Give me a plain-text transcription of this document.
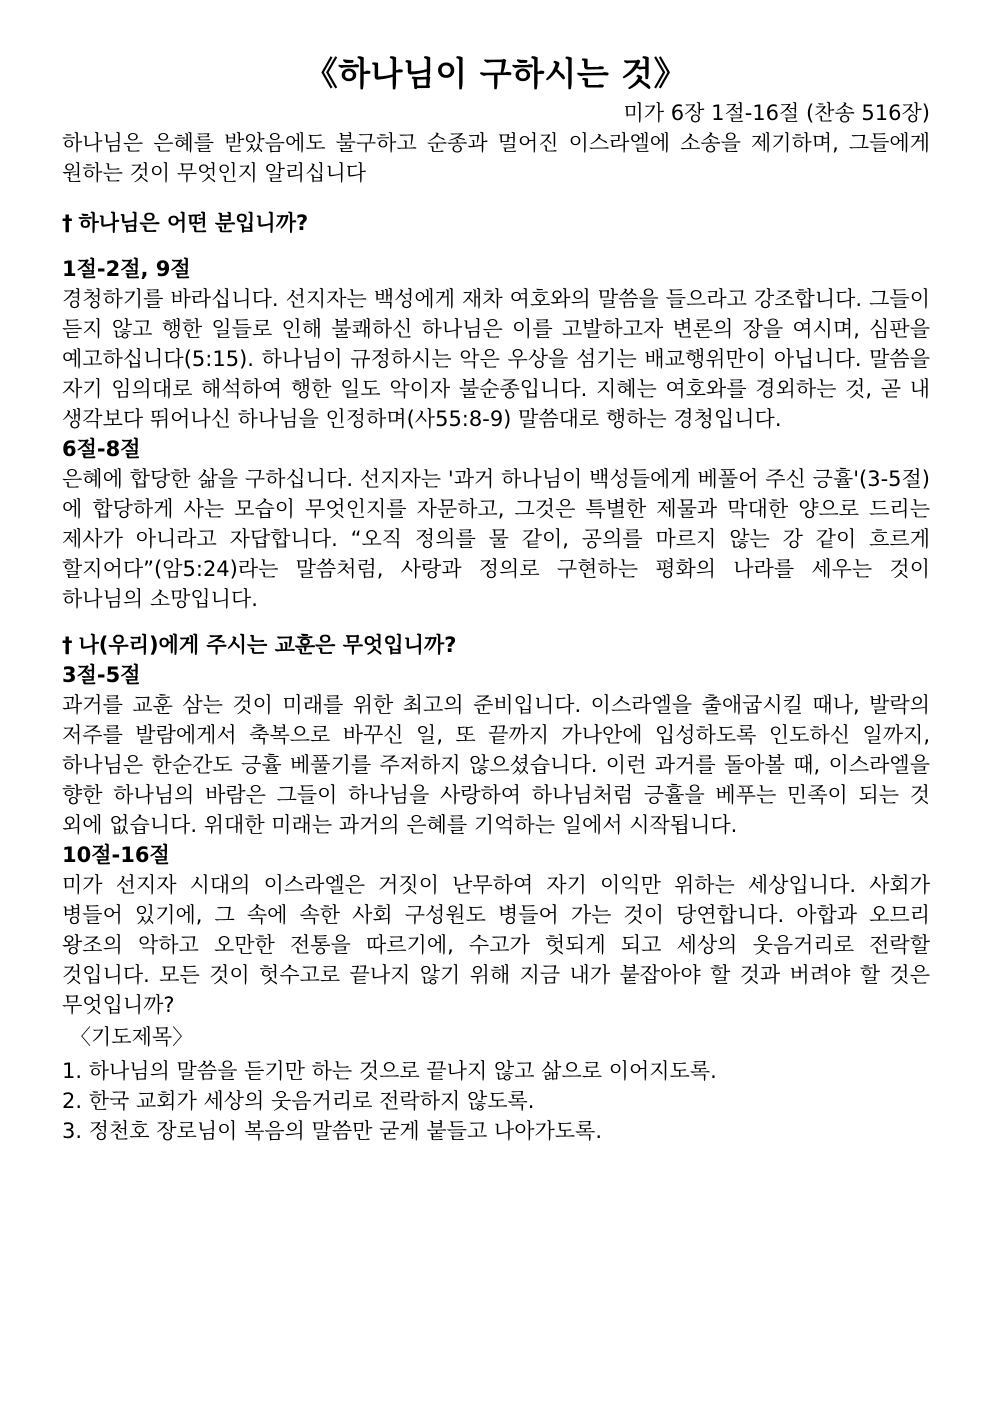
《하나님이 구하시는 것》
미가 6장 1절-16절 (찬송 516장)

하나님은 은혜를 받았음에도 불구하고 순종과 멀어진 이스라엘에 소송을 제기하며, 그들에게 원하는 것이 무엇인지 알리십니다

† 하나님은 어떤 분입니까?
1절-2절, 9절

경청하기를 바라십니다. 선지자는 백성에게 재차 여호와의 말씀을 들으라고 강조합니다. 그들이 듣지 않고 행한 일들로 인해 불쾌하신 하나님은 이를 고발하고자 변론의 장을 여시며, 심판을 예고하십니다(5:15). 하나님이 규정하시는 악은 우상을 섬기는 배교행위만이 아닙니다. 말씀을 자기 임의대로 해석하여 행한 일도 악이자 불순종입니다. 지혜는 여호와를 경외하는 것, 곧 내 생각보다 뛰어나신 하나님을 인정하며(사55:8-9) 말씀대로 행하는 경청입니다.

6절-8절

은혜에 합당한 삶을 구하십니다. 선지자는 '과거 하나님이 백성들에게 베풀어 주신 긍휼'(3-5절)에 합당하게 사는 모습이 무엇인지를 자문하고, 그것은 특별한 제물과 막대한 양으로 드리는 제사가 아니라고 자답합니다. “오직 정의를 물 같이, 공의를 마르지 않는 강 같이 흐르게 할지어다”(암5:24)라는 말씀처럼, 사랑과 정의로 구현하는 평화의 나라를 세우는 것이 하나님의 소망입니다.

† 나(우리)에게 주시는 교훈은 무엇입니까?
3절-5절

과거를 교훈 삼는 것이 미래를 위한 최고의 준비입니다. 이스라엘을 출애굽시킬 때나, 발락의 저주를 발람에게서 축복으로 바꾸신 일, 또 끝까지 가나안에 입성하도록 인도하신 일까지, 하나님은 한순간도 긍휼 베풀기를 주저하지 않으셨습니다. 이런 과거를 돌아볼 때, 이스라엘을 향한 하나님의 바람은 그들이 하나님을 사랑하여 하나님처럼 긍휼을 베푸는 민족이 되는 것 외에 없습니다. 위대한 미래는 과거의 은혜를 기억하는 일에서 시작됩니다.

10절-16절

미가 선지자 시대의 이스라엘은 거짓이 난무하여 자기 이익만 위하는 세상입니다. 사회가 병들어 있기에, 그 속에 속한 사회 구성원도 병들어 가는 것이 당연합니다. 아합과 오므리 왕조의 악하고 오만한 전통을 따르기에, 수고가 헛되게 되고 세상의 웃음거리로 전락할 것입니다. 모든 것이 헛수고로 끝나지 않기 위해 지금 내가 붙잡아야 할 것과 버려야 할 것은 무엇입니까?

〈기도제목〉
1. 하나님의 말씀을 듣기만 하는 것으로 끝나지 않고 삶으로 이어지도록.
2. 한국 교회가 세상의 웃음거리로 전락하지 않도록.
3. 정천호 장로님이 복음의 말씀만 굳게 붙들고 나아가도록.
